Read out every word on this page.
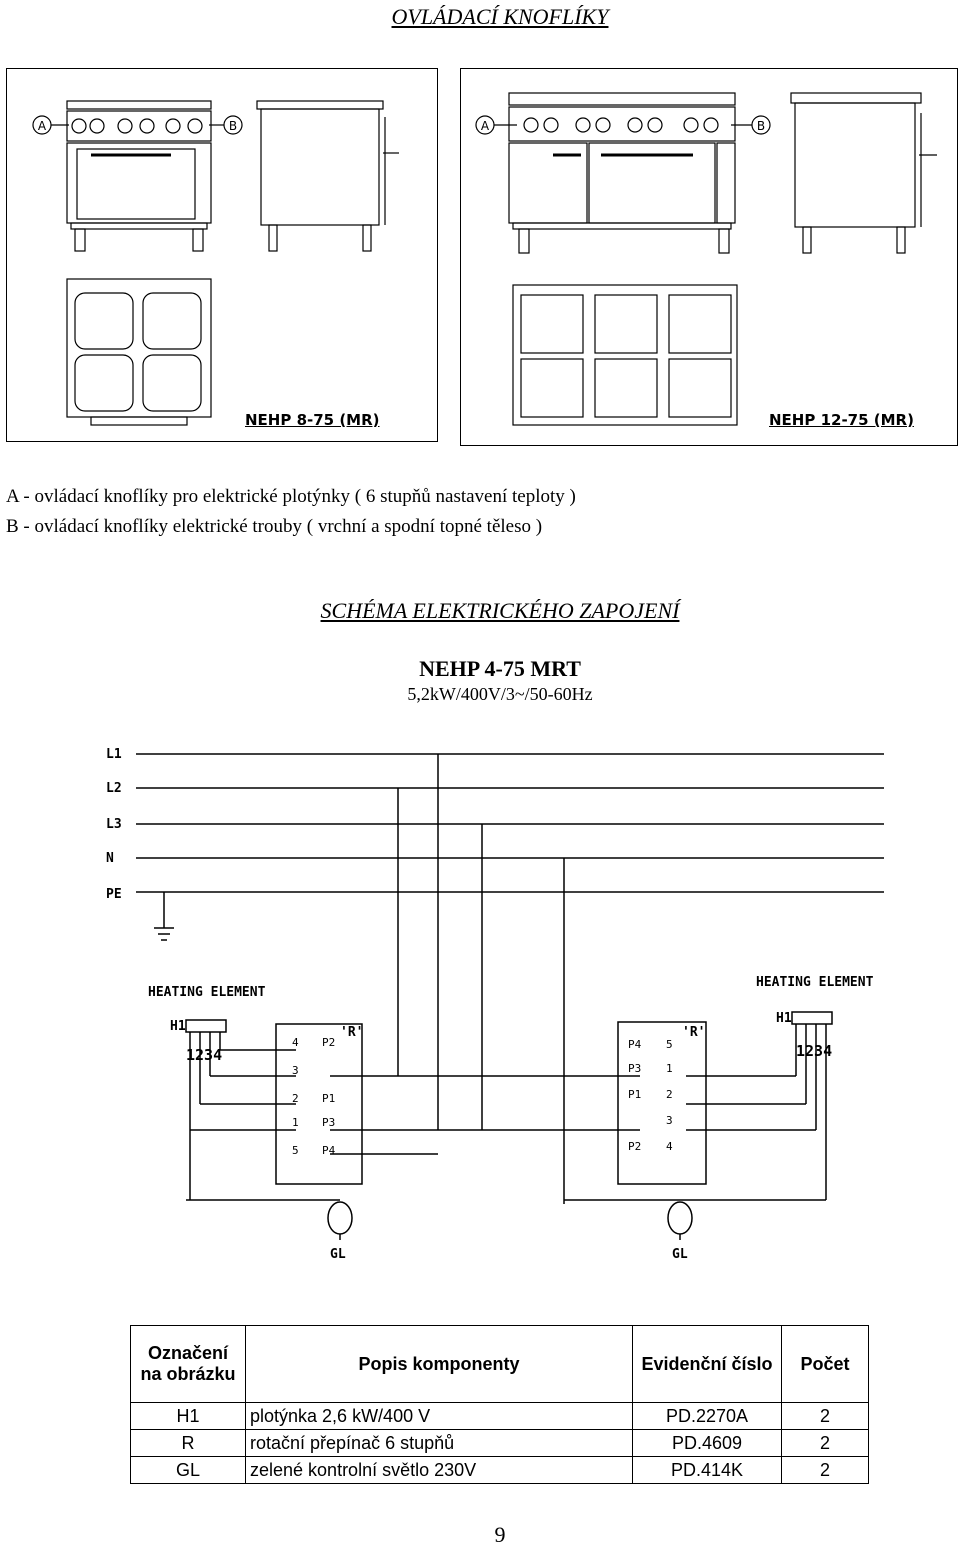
OVLÁDACÍ KNOFLÍKY
A	B
NEHP 8-75 (MR)
A	B
NEHP 12-75 (MR)
A - ovládací knoflíky pro elektrické plotýnky ( 6 stupňů nastavení teploty )
B - ovládací knoflíky elektrické trouby ( vrchní a spodní topné těleso )
SCHÉMA ELEKTRICKÉHO ZAPOJENÍ
NEHP 4-75 MRT
5,2kW/400V/3~/50-60Hz
L1
L2
L3
N
PE
HEATING ELEMENT
HEATING ELEMENT
H1
H1
1234	1234
'R'	'R'
GL	GL
4 P2
3
2 P1
1 P3
5 P4
P4 5
P3 1
P1 2
3
P2 4
Označení na obrázku	Popis komponenty	Evidenční číslo	Počet
H1	plotýnka 2,6 kW/400 V	PD.2270A	2
R	rotační přepínač 6 stupňů	PD.4609	2
GL	zelené kontrolní světlo 230V	PD.414K	2
9
